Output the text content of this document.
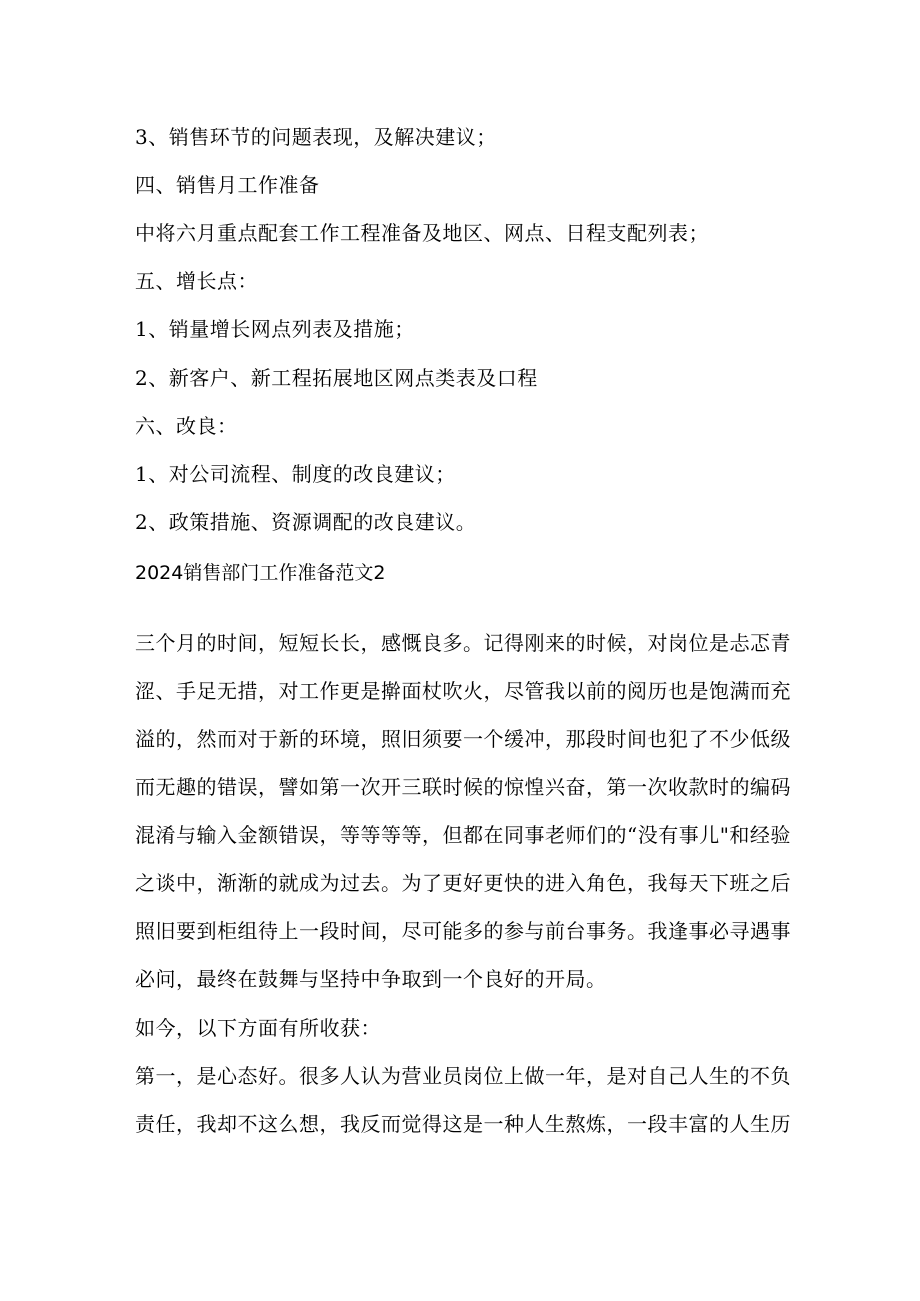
3、销售环节的问题表现，及解决建议；
四、销售月工作准备
中将六月重点配套工作工程准备及地区、网点、日程支配列表；
五、增长点：
1、销量增长网点列表及措施；
2、新客户、新工程拓展地区网点类表及口程
六、改良：
1、对公司流程、制度的改良建议；
2、政策措施、资源调配的改良建议。
2024销售部门工作准备范文2
三个月的时间，短短长长，感慨良多。记得刚来的时候，对岗位是忐忑青
涩、手足无措，对工作更是擀面杖吹火，尽管我以前的阅历也是饱满而充
溢的，然而对于新的环境，照旧须要一个缓冲，那段时间也犯了不少低级
而无趣的错误，譬如第一次开三联时候的惊惶兴奋，第一次收款时的编码
混淆与输入金额错误，等等等等，但都在同事老师们的“没有事儿"和经验
之谈中，渐渐的就成为过去。为了更好更快的进入角色，我每天下班之后
照旧要到柜组待上一段时间，尽可能多的参与前台事务。我逢事必寻遇事
必问，最终在鼓舞与坚持中争取到一个良好的开局。
如今，以下方面有所收获：
第一，是心态好。很多人认为营业员岗位上做一年，是对自己人生的不负
责任，我却不这么想，我反而觉得这是一种人生熬炼，一段丰富的人生历
